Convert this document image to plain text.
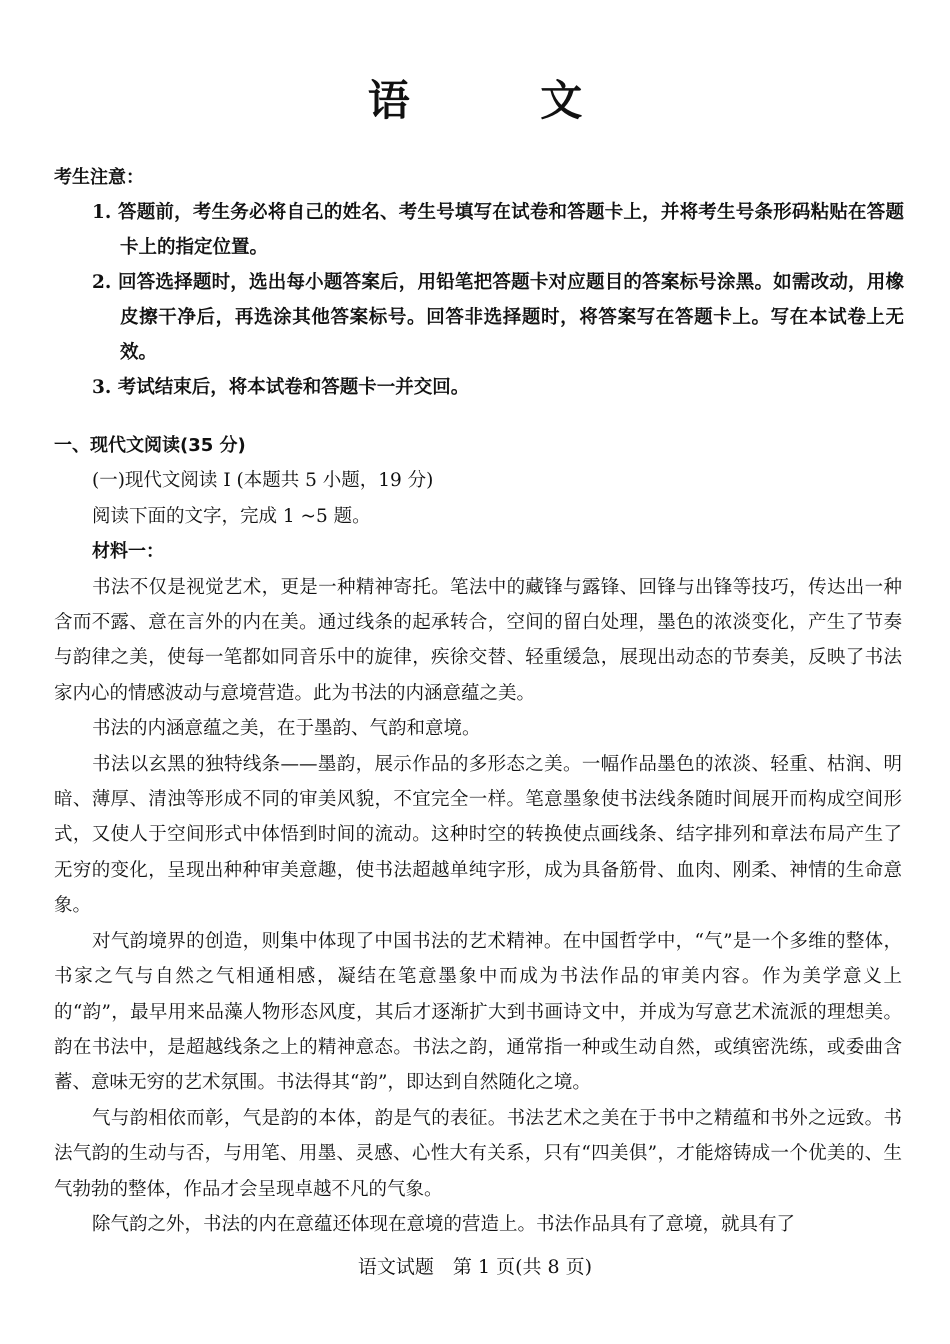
语 文
考生注意：
1. 答题前，考生务必将自己的姓名、考生号填写在试卷和答题卡上，并将考生号条形码粘贴在答题卡上的指定位置。
2. 回答选择题时，选出每小题答案后，用铅笔把答题卡对应题目的答案标号涂黑。如需改动，用橡皮擦干净后，再选涂其他答案标号。回答非选择题时，将答案写在答题卡上。写在本试卷上无效。
3. 考试结束后，将本试卷和答题卡一并交回。
一、现代文阅读(35 分)
(一)现代文阅读 I (本题共 5 小题，19 分)
阅读下面的文字，完成 1 ~5 题。
材料一：

书法不仅是视觉艺术，更是一种精神寄托。笔法中的藏锋与露锋、回锋与出锋等技巧，传达出一种含而不露、意在言外的内在美。通过线条的起承转合，空间的留白处理，墨色的浓淡变化，产生了节奏与韵律之美，使每一笔都如同音乐中的旋律，疾徐交替、轻重缓急，展现出动态的节奏美，反映了书法家内心的情感波动与意境营造。此为书法的内涵意蕴之美。

书法的内涵意蕴之美，在于墨韵、气韵和意境。

书法以玄黑的独特线条——墨韵，展示作品的多形态之美。一幅作品墨色的浓淡、轻重、枯润、明暗、薄厚、清浊等形成不同的审美风貌，不宜完全一样。笔意墨象使书法线条随时间展开而构成空间形式，又使人于空间形式中体悟到时间的流动。这种时空的转换使点画线条、结字排列和章法布局产生了无穷的变化，呈现出种种审美意趣，使书法超越单纯字形，成为具备筋骨、血肉、刚柔、神情的生命意象。

对气韵境界的创造，则集中体现了中国书法的艺术精神。在中国哲学中，“气”是一个多维的整体，书家之气与自然之气相通相感，凝结在笔意墨象中而成为书法作品的审美内容。作为美学意义上的“韵”，最早用来品藻人物形态风度，其后才逐渐扩大到书画诗文中，并成为写意艺术流派的理想美。韵在书法中，是超越线条之上的精神意态。书法之韵，通常指一种或生动自然，或缜密洗练，或委曲含蓄、意味无穷的艺术氛围。书法得其“韵”，即达到自然随化之境。

气与韵相依而彰，气是韵的本体，韵是气的表征。书法艺术之美在于书中之精蕴和书外之远致。书法气韵的生动与否，与用笔、用墨、灵感、心性大有关系，只有“四美俱”，才能熔铸成一个优美的、生气勃勃的整体，作品才会呈现卓越不凡的气象。

除气韵之外，书法的内在意蕴还体现在意境的营造上。书法作品具有了意境，就具有了

语文试题　第 1 页(共 8 页)
